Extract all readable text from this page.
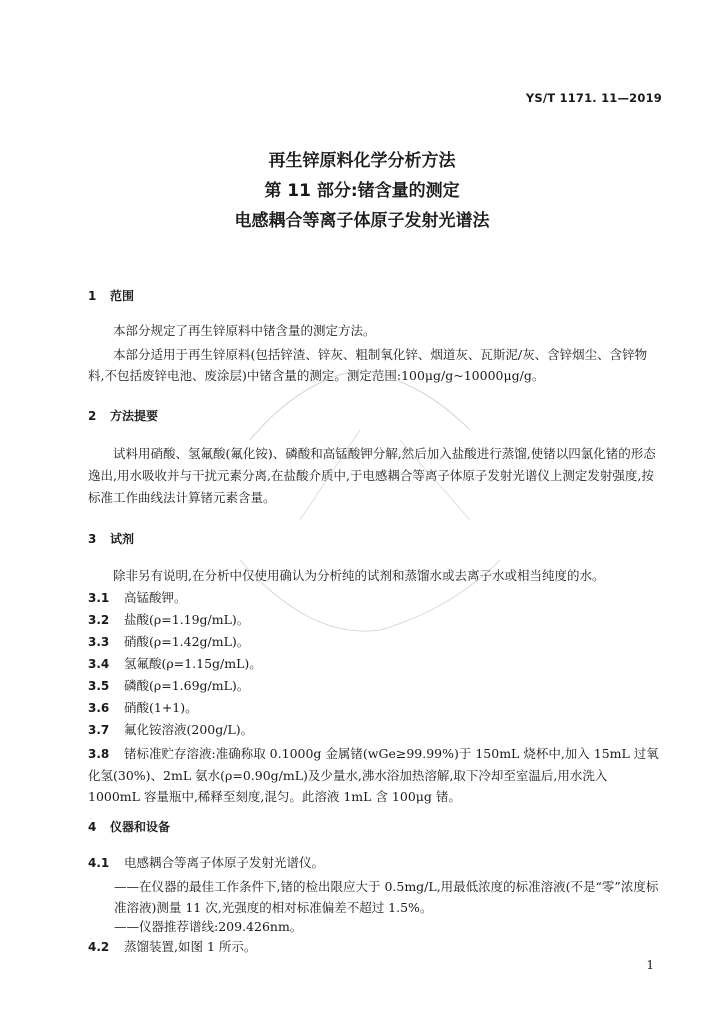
YS/T 1171. 11—2019
再生锌原料化学分析方法
第 11 部分:锗含量的测定
电感耦合等离子体原子发射光谱法
1 范围
本部分规定了再生锌原料中锗含量的测定方法。
本部分适用于再生锌原料(包括锌渣、锌灰、粗制氧化锌、烟道灰、瓦斯泥/灰、含锌烟尘、含锌物料,不包括废锌电池、废涂层)中锗含量的测定。测定范围:100μg/g~10000μg/g。
2 方法提要
试料用硝酸、氢氟酸(氟化铵)、磷酸和高锰酸钾分解,然后加入盐酸进行蒸馏,使锗以四氯化锗的形态逸出,用水吸收并与干扰元素分离,在盐酸介质中,于电感耦合等离子体原子发射光谱仪上测定发射强度,按标准工作曲线法计算锗元素含量。
3 试剂
除非另有说明,在分析中仅使用确认为分析纯的试剂和蒸馏水或去离子水或相当纯度的水。
3.1 高锰酸钾。
3.2 盐酸(ρ=1.19g/mL)。
3.3 硝酸(ρ=1.42g/mL)。
3.4 氢氟酸(ρ=1.15g/mL)。
3.5 磷酸(ρ=1.69g/mL)。
3.6 硝酸(1+1)。
3.7 氟化铵溶液(200g/L)。
3.8 锗标准贮存溶液:准确称取 0.1000g 金属锗(wGe≥99.99%)于 150mL 烧杯中,加入 15mL 过氧化氢(30%)、2mL 氨水(ρ=0.90g/mL)及少量水,沸水浴加热溶解,取下冷却至室温后,用水洗入 1000mL 容量瓶中,稀释至刻度,混匀。此溶液 1mL 含 100μg 锗。
4 仪器和设备
4.1 电感耦合等离子体原子发射光谱仪。
——在仪器的最佳工作条件下,锗的检出限应大于 0.5mg/L,用最低浓度的标准溶液(不是“零”浓度标准溶液)测量 11 次,光强度的相对标准偏差不超过 1.5%。
——仪器推荐谱线:209.426nm。
4.2 蒸馏装置,如图 1 所示。
1
